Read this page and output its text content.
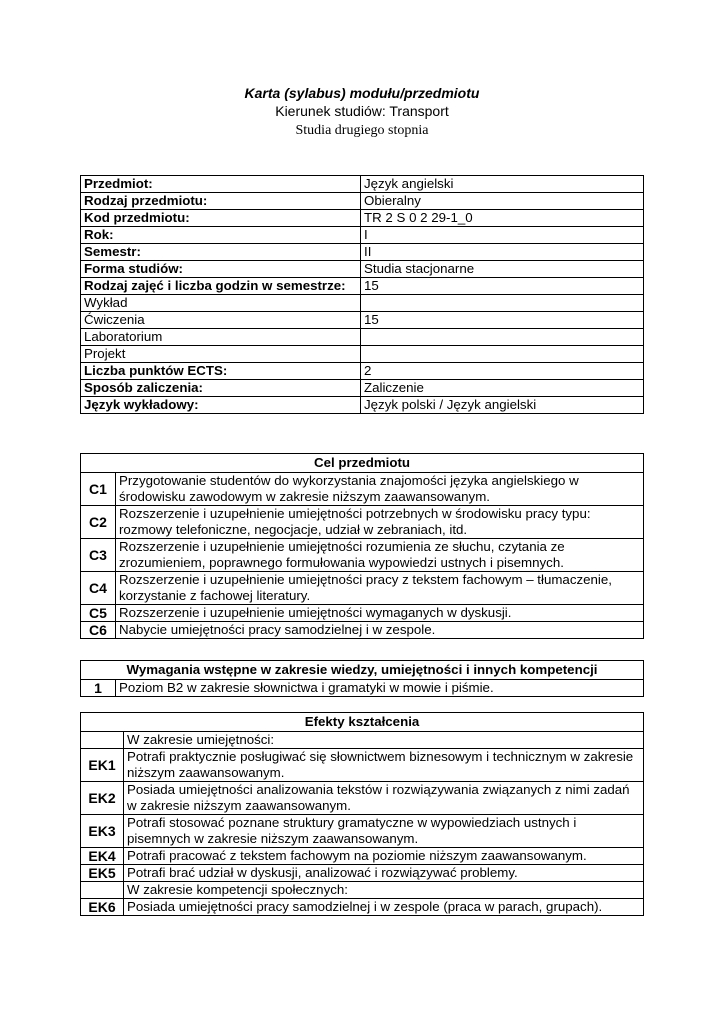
Karta (sylabus) modułu/przedmiotu
Kierunek studiów: Transport
Studia drugiego stopnia
Przedmiot:	Język angielski
Rodzaj przedmiotu:	Obieralny
Kod przedmiotu:	TR 2 S 0 2 29-1_0
Rok:	I
Semestr:	II
Forma studiów:	Studia stacjonarne
Rodzaj zajęć i liczba godzin w semestrze:	15
Wykład	
Ćwiczenia	15
Laboratorium	
Projekt	
Liczba punktów ECTS:	2
Sposób zaliczenia:	Zaliczenie
Język wykładowy:	Język polski / Język angielski
Cel przedmiotu	
C1	Przygotowanie studentów do wykorzystania znajomości języka angielskiego w środowisku zawodowym w zakresie niższym zaawansowanym.
C2	Rozszerzenie i uzupełnienie umiejętności potrzebnych w środowisku pracy typu: rozmowy telefoniczne, negocjacje, udział w zebraniach, itd.
C3	Rozszerzenie i uzupełnienie umiejętności rozumienia ze słuchu, czytania ze zrozumieniem, poprawnego formułowania wypowiedzi ustnych i pisemnych.
C4	Rozszerzenie i uzupełnienie umiejętności pracy z tekstem fachowym – tłumaczenie, korzystanie z fachowej literatury.
C5	Rozszerzenie i uzupełnienie umiejętności wymaganych w dyskusji.
C6	Nabycie umiejętności pracy samodzielnej i w zespole.
Wymagania wstępne w zakresie wiedzy, umiejętności i innych kompetencji
1	Poziom B2 w zakresie słownictwa i gramatyki w mowie i piśmie.
Efekty kształcenia	
	W zakresie umiejętności:
EK1	Potrafi praktycznie posługiwać się słownictwem biznesowym i technicznym w zakresie niższym zaawansowanym.
EK2	Posiada umiejętności analizowania tekstów i rozwiązywania związanych z nimi zadań w zakresie niższym zaawansowanym.
EK3	Potrafi stosować poznane struktury gramatyczne w wypowiedziach ustnych i pisemnych w zakresie niższym zaawansowanym.
EK4	Potrafi pracować z tekstem fachowym na poziomie niższym zaawansowanym.
EK5	Potrafi brać udział w dyskusji, analizować i rozwiązywać problemy.
	W zakresie kompetencji społecznych:
EK6	Posiada umiejętności pracy samodzielnej i w zespole (praca w parach, grupach).
